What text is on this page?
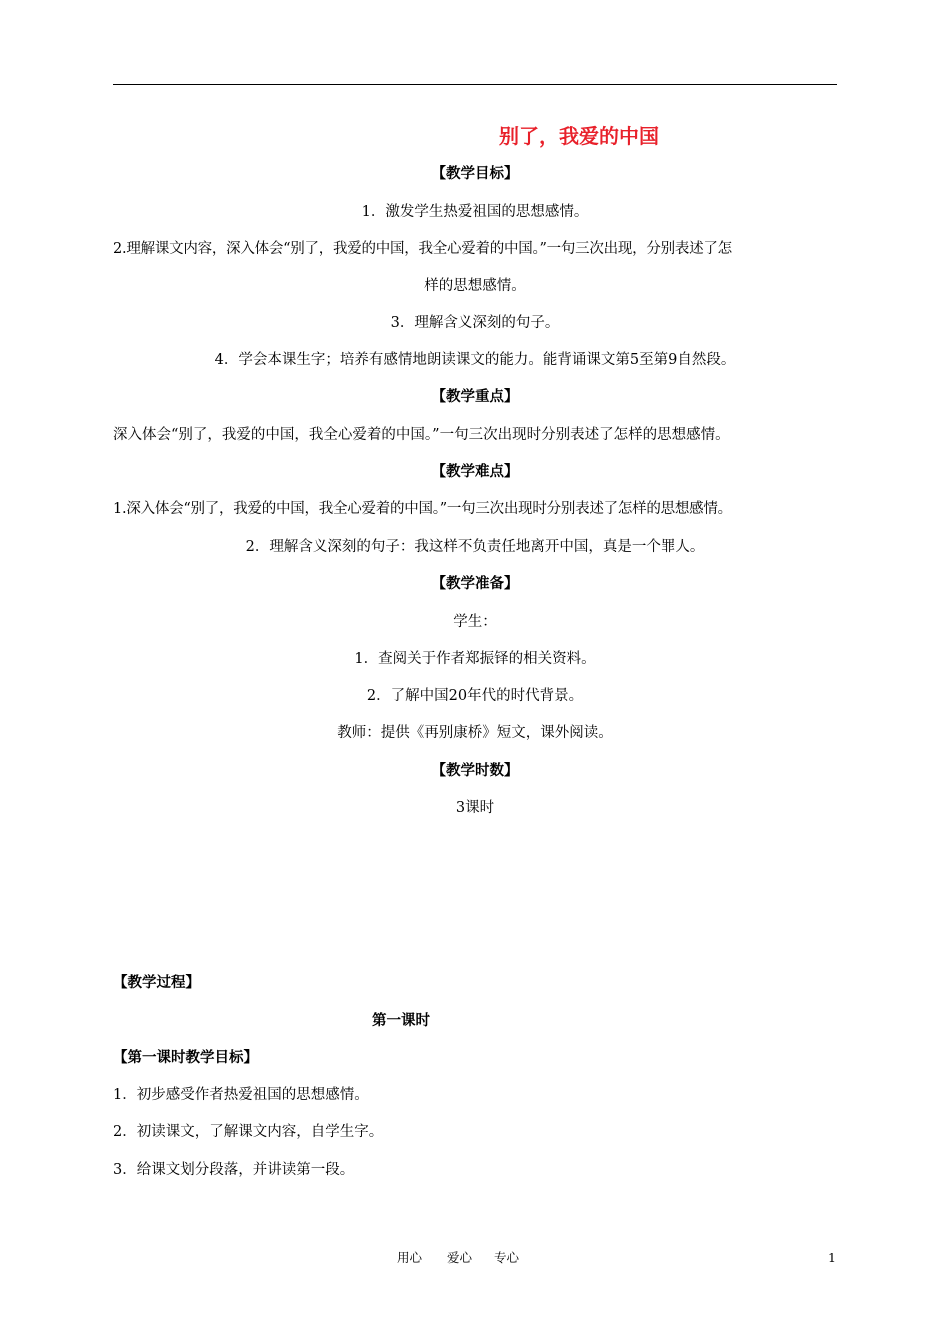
别了，我爱的中国
【教学目标】
1．激发学生热爱祖国的思想感情。
2.理解课文内容，深入体会“别了，我爱的中国，我全心爱着的中国。”一句三次出现，分别表述了怎
样的思想感情。
3．理解含义深刻的句子。
4．学会本课生字；培养有感情地朗读课文的能力。能背诵课文第5至第9自然段。
【教学重点】
深入体会“别了，我爱的中国，我全心爱着的中国。”一句三次出现时分别表述了怎样的思想感情。
【教学难点】
1.深入体会“别了，我爱的中国，我全心爱着的中国。”一句三次出现时分别表述了怎样的思想感情。
2．理解含义深刻的句子：我这样不负责任地离开中国，真是一个罪人。
【教学准备】
学生：
1．查阅关于作者郑振铎的相关资料。
2．了解中国20年代的时代背景。
教师：提供《再别康桥》短文，课外阅读。
【教学时数】
3课时
【教学过程】
第一课时
【第一课时教学目标】
1．初步感受作者热爱祖国的思想感情。
2．初读课文，了解课文内容，自学生字。
3．给课文划分段落，并讲读第一段。
用心 爱心 专心	1
